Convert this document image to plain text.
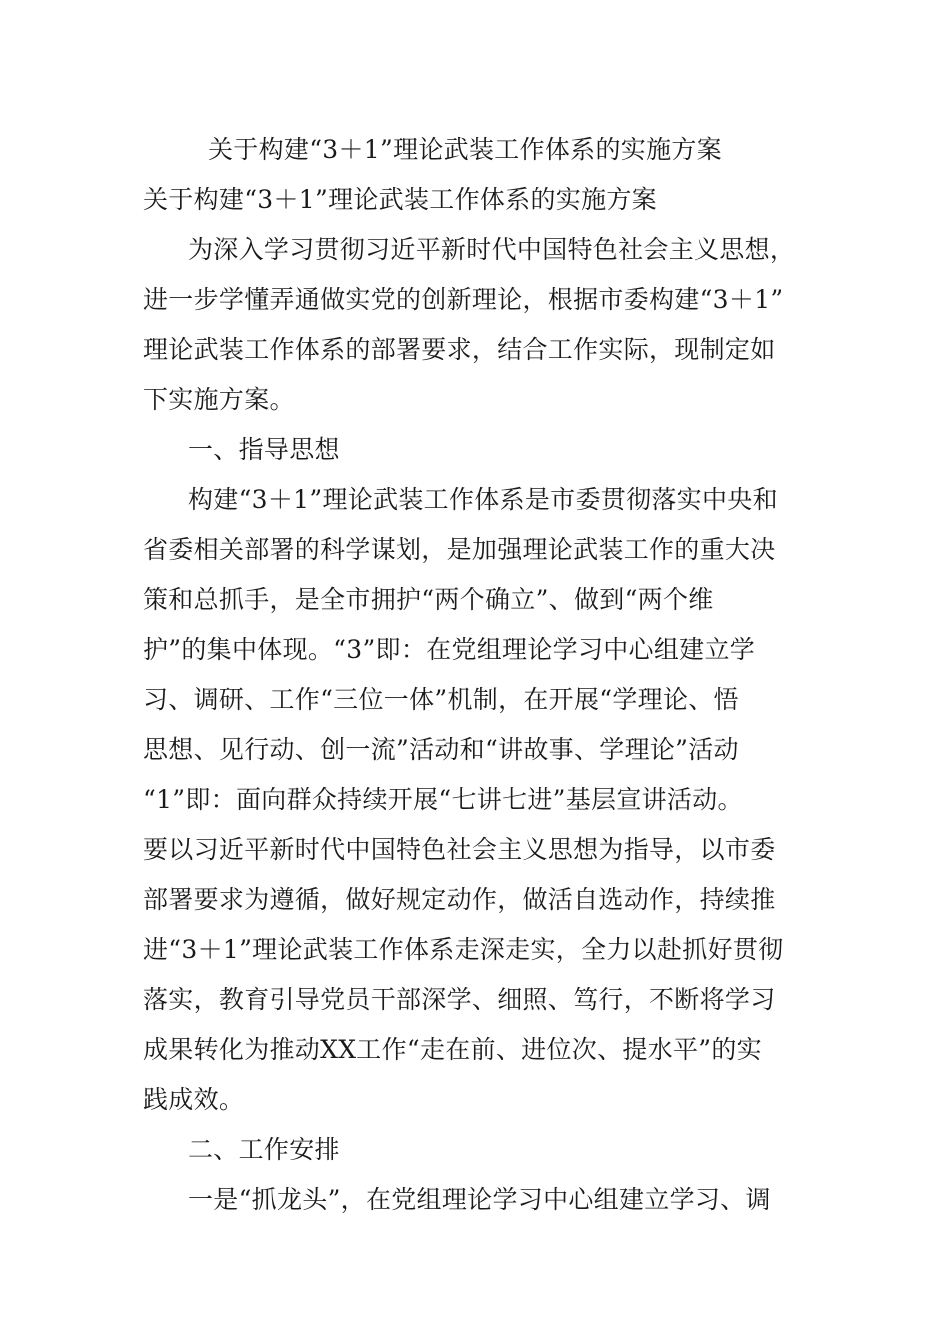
关于构建“3＋1”理论武装工作体系的实施方案
关于构建“3＋1”理论武装工作体系的实施方案
为深入学习贯彻习近平新时代中国特色社会主义思想，
进一步学懂弄通做实党的创新理论，根据市委构建“3＋1”
理论武装工作体系的部署要求，结合工作实际，现制定如
下实施方案。
一、指导思想
构建“3＋1”理论武装工作体系是市委贯彻落实中央和
省委相关部署的科学谋划，是加强理论武装工作的重大决
策和总抓手，是全市拥护“两个确立”、做到“两个维
护”的集中体现。“3”即：在党组理论学习中心组建立学
习、调研、工作“三位一体”机制，在开展“学理论、悟
思想、见行动、创一流”活动和“讲故事、学理论”活动
“1”即：面向群众持续开展“七讲七进”基层宣讲活动。
要以习近平新时代中国特色社会主义思想为指导，以市委
部署要求为遵循，做好规定动作，做活自选动作，持续推
进“3＋1”理论武装工作体系走深走实，全力以赴抓好贯彻
落实，教育引导党员干部深学、细照、笃行，不断将学习
成果转化为推动XX工作“走在前、进位次、提水平”的实
践成效。
二、工作安排
一是“抓龙头”，在党组理论学习中心组建立学习、调
